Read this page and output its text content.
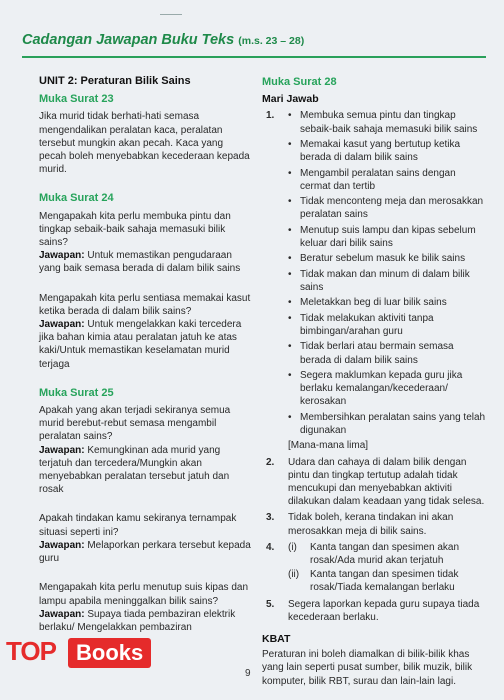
Cadangan Jawapan Buku Teks (m.s. 23 – 28)
UNIT 2: Peraturan Bilik Sains
Muka Surat 23

Jika murid tidak berhati-hati semasa mengendalikan peralatan kaca, peralatan tersebut mungkin akan pecah. Kaca yang pecah boleh menyebabkan kecederaan kepada murid.

Muka Surat 24

Mengapakah kita perlu membuka pintu dan tingkap sebaik-baik sahaja memasuki bilik sains?

Jawapan: Untuk memastikan pengudaraan yang baik semasa berada di dalam bilik sains

Mengapakah kita perlu sentiasa memakai kasut ketika berada di dalam bilik sains?

Jawapan: Untuk mengelakkan kaki tercedera jika bahan kimia atau peralatan jatuh ke atas kaki/Untuk memastikan keselamatan murid terjaga

Muka Surat 25

Apakah yang akan terjadi sekiranya semua murid berebut-rebut semasa mengambil peralatan sains?

Jawapan: Kemungkinan ada murid yang terjatuh dan tercedera/Mungkin akan menyebabkan peralatan tersebut jatuh dan rosak

Apakah tindakan kamu sekiranya ternampak situasi seperti ini?

Jawapan: Melaporkan perkara tersebut kepada guru

Mengapakah kita perlu menutup suis kipas dan lampu apabila meninggalkan bilik sains?

Jawapan: Supaya tiada pembaziran elektrik berlaku/ Mengelakkan pembaziran

Muka Surat 28
Mari Jawab
1. • Membuka semua pintu dan tingkap sebaik-baik sahaja memasuki bilik sains
• Memakai kasut yang bertutup ketika berada di dalam bilik sains
• Mengambil peralatan sains dengan cermat dan tertib
• Tidak menconteng meja dan merosakkan peralatan sains
• Menutup suis lampu dan kipas sebelum keluar dari bilik sains
• Beratur sebelum masuk ke bilik sains
• Tidak makan dan minum di dalam bilik sains
• Meletakkan beg di luar bilik sains
• Tidak melakukan aktiviti tanpa bimbingan/arahan guru
• Tidak berlari atau bermain semasa berada di dalam bilik sains
• Segera maklumkan kepada guru jika berlaku kemalangan/kecederaan/ kerosakan
• Membersihkan peralatan sains yang telah digunakan
[Mana-mana lima]
2. Udara dan cahaya di dalam bilik dengan pintu dan tingkap tertutup adalah tidak mencukupi dan menyebabkan aktiviti dilakukan dalam keadaan yang tidak selesa.
3. Tidak boleh, kerana tindakan ini akan merosakkan meja di bilik sains.
4. (i) Kanta tangan dan spesimen akan rosak/Ada murid akan terjatuh
(ii) Kanta tangan dan spesimen tidak rosak/Tiada kemalangan berlaku
5. Segera laporkan kepada guru supaya tiada kecederaan berlaku.
KBAT

Peraturan ini boleh diamalkan di bilik-bilik khas yang lain seperti pusat sumber, bilik muzik, bilik komputer, bilik RBT, surau dan lain-lain lagi.

9
TOP Books
